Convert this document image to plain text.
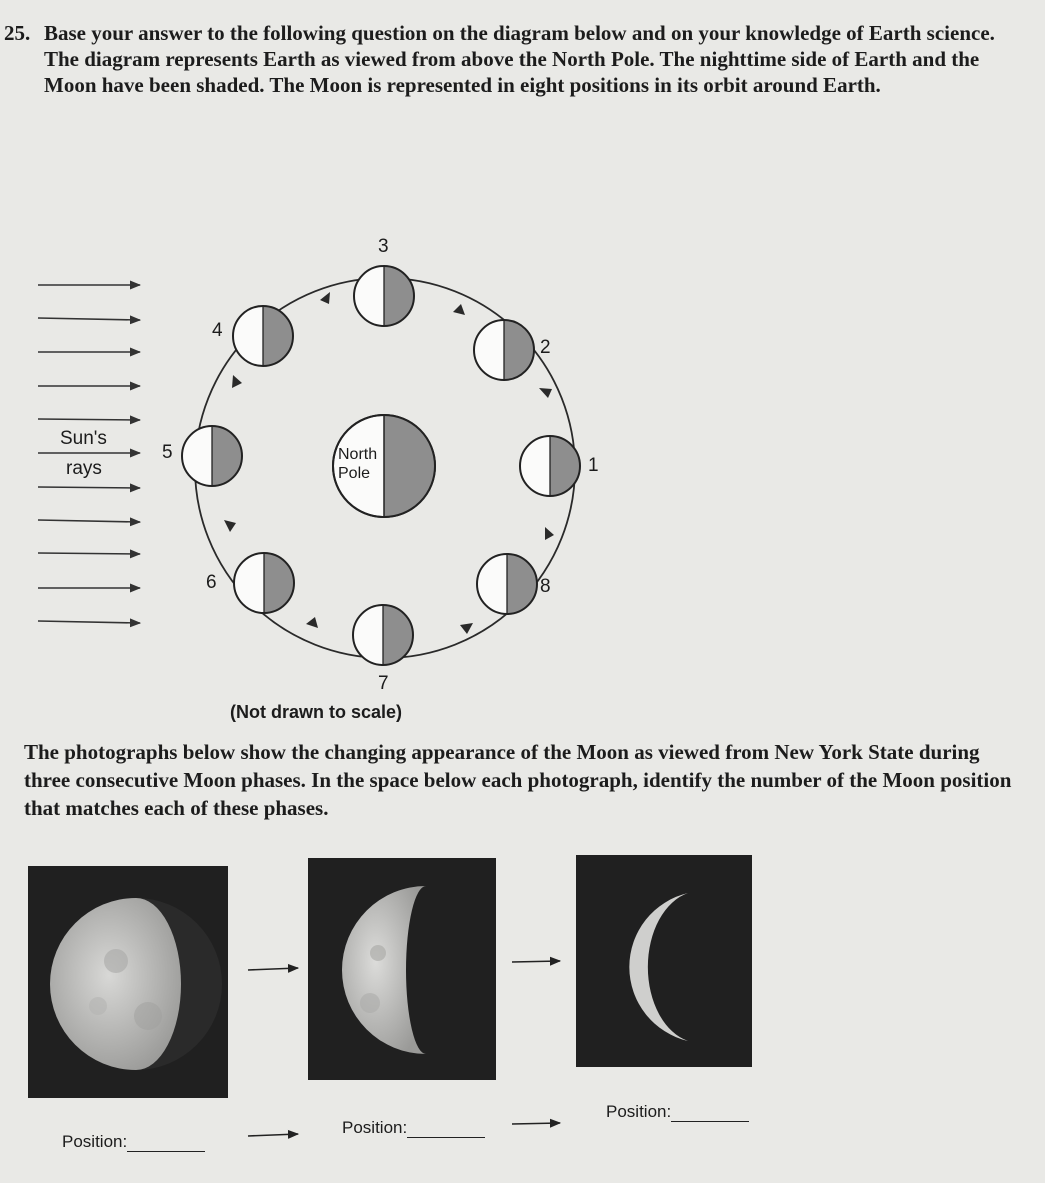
25. Base your answer to the following question on the diagram below and on your knowledge of Earth science. The diagram represents Earth as viewed from above the North Pole. The nighttime side of Earth and the Moon have been shaded. The Moon is represented in eight positions in its orbit around Earth.

Sun's
rays
North
Pole	1
2
3
4
5
6
7
8
(Not drawn to scale)

The photographs below show the changing appearance of the Moon as viewed from New York State during three consecutive Moon phases. In the space below each photograph, identify the number of the Moon position that matches each of these phases.

Position:
Position:
Position:
